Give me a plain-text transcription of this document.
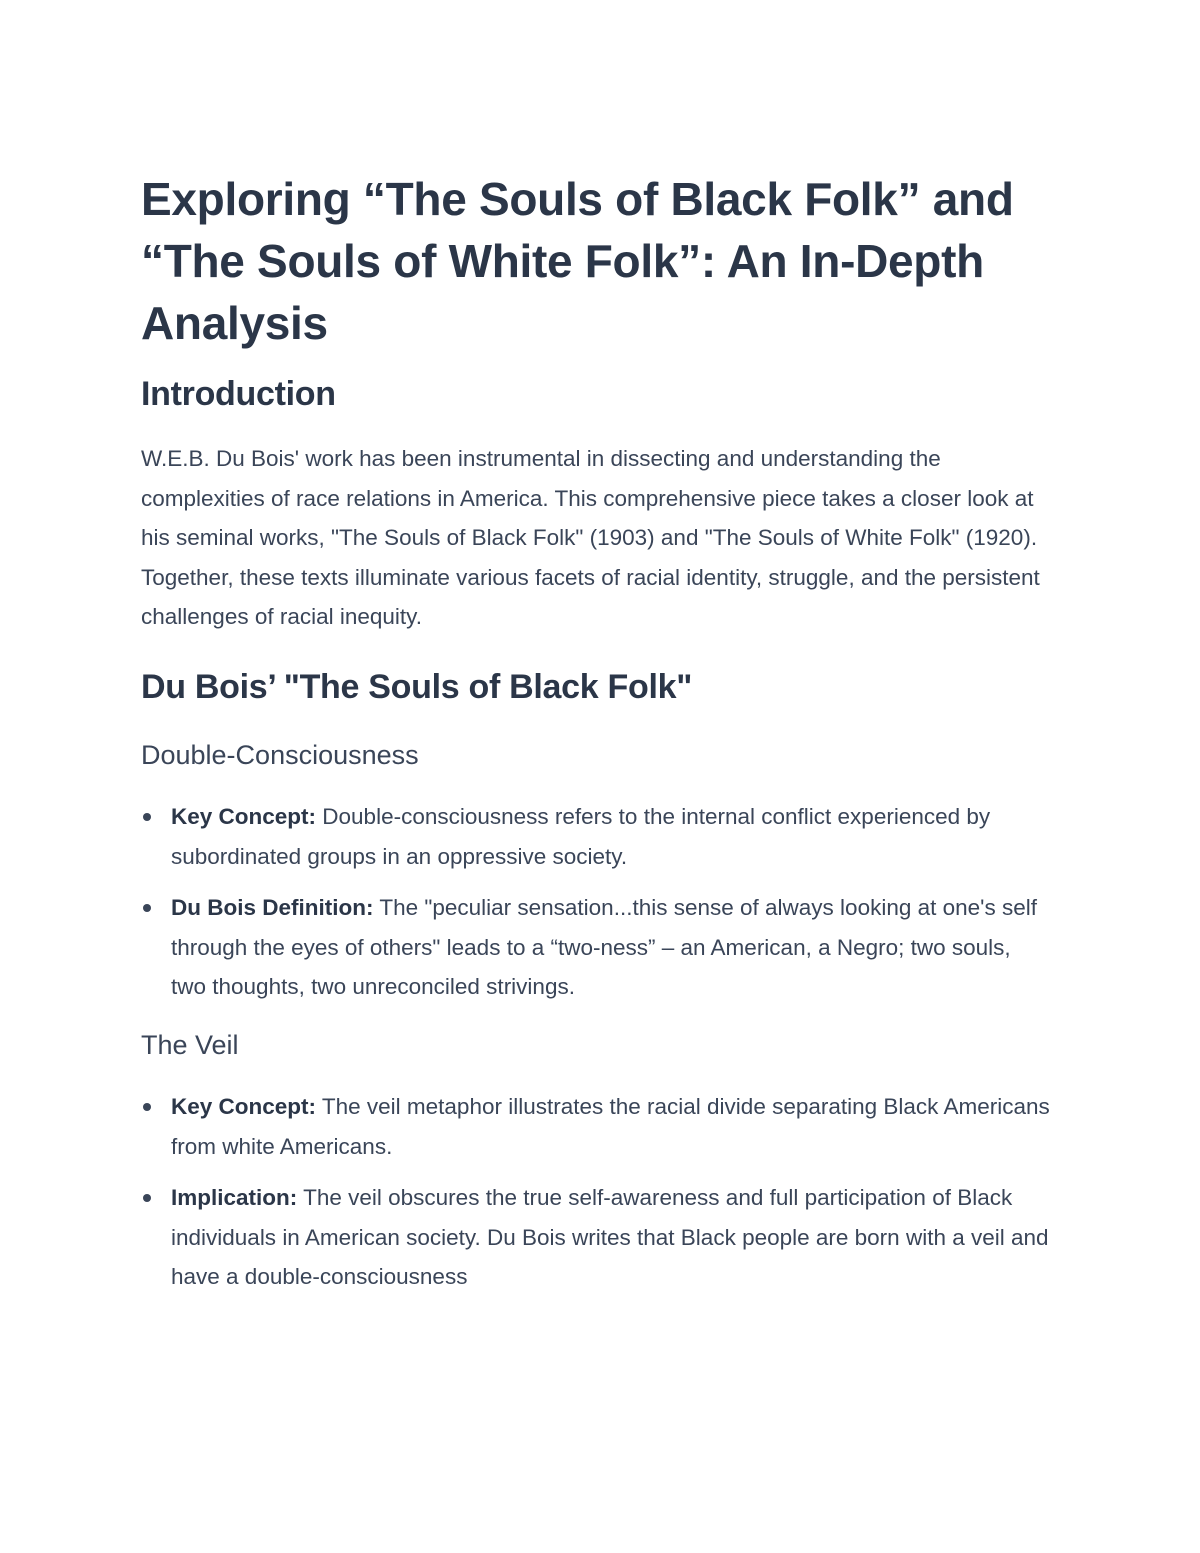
Exploring “The Souls of Black Folk” and “The Souls of White Folk”: An In-Depth Analysis
Introduction

W.E.B. Du Bois' work has been instrumental in dissecting and understanding the complexities of race relations in America. This comprehensive piece takes a closer look at his seminal works, "The Souls of Black Folk" (1903) and "The Souls of White Folk" (1920). Together, these texts illuminate various facets of racial identity, struggle, and the persistent challenges of racial inequity.

Du Bois’ "The Souls of Black Folk"
Double-Consciousness
Key Concept: Double-consciousness refers to the internal conflict experienced by subordinated groups in an oppressive society.
Du Bois Definition: The "peculiar sensation...this sense of always looking at one's self through the eyes of others" leads to a “two-ness” – an American, a Negro; two souls, two thoughts, two unreconciled strivings.
The Veil
Key Concept: The veil metaphor illustrates the racial divide separating Black Americans from white Americans.
Implication: The veil obscures the true self-awareness and full participation of Black individuals in American society. Du Bois writes that Black people are born with a veil and have a double-consciousness
